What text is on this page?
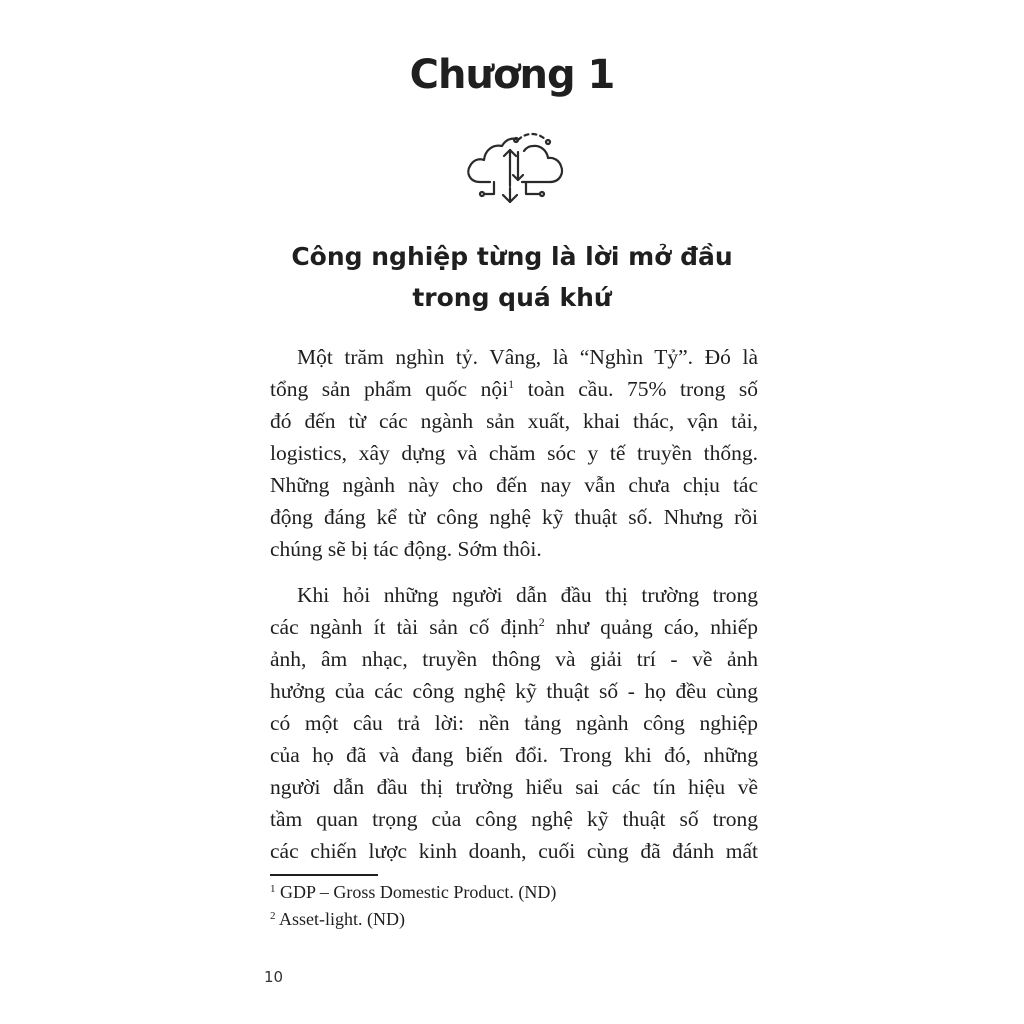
Chương 1
Công nghiệp từng là lời mở đầu
trong quá khứ
Một trăm nghìn tỷ. Vâng, là “Nghìn Tỷ”. Đó là
tổng sản phẩm quốc nội$^1$ toàn cầu. 75% trong số
đó đến từ các ngành sản xuất, khai thác, vận tải,
logistics, xây dựng và chăm sóc y tế truyền thống.
Những ngành này cho đến nay vẫn chưa chịu tác
động đáng kể từ công nghệ kỹ thuật số. Nhưng rồi
chúng sẽ bị tác động. Sớm thôi.
Khi hỏi những người dẫn đầu thị trường trong
các ngành ít tài sản cố định$^2$ như quảng cáo, nhiếp
ảnh, âm nhạc, truyền thông và giải trí - về ảnh
hưởng của các công nghệ kỹ thuật số - họ đều cùng
có một câu trả lời: nền tảng ngành công nghiệp
của họ đã và đang biến đổi. Trong khi đó, những
người dẫn đầu thị trường hiểu sai các tín hiệu về
tầm quan trọng của công nghệ kỹ thuật số trong
các chiến lược kinh doanh, cuối cùng đã đánh mất

$^1$ GDP – Gross Domestic Product. (ND)

$^2$ Asset-light. (ND)

10
